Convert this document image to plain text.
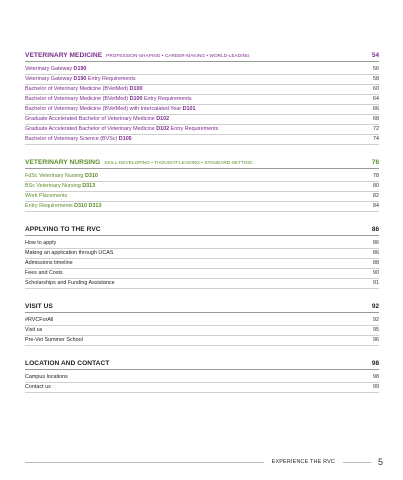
VETERINARY MEDICINE PROFESSION-SHAPING • CAREER-MAKING • WORLD-LEADING	54
Veterinary Gateway D190	56
Veterinary Gateway D190 Entry Requirements	58
Bachelor of Veterinary Medicine (BVetMed) D100	60
Bachelor of Veterinary Medicine (BVetMed) D100 Entry Requirements	64
Bachelor of Veterinary Medicine (BVetMed) with Intercalated Year D101	66
Graduate Accelerated Bachelor of Veterinary Medicine D102	68
Graduate Accelerated Bachelor of Veterinary Medicine D102 Entry Requirements	72
Bachelor of Veterinary Science (BVSc) D105	74
VETERINARY NURSING SKILL-DEVELOPING • THOUGHT-LEADING • STANDARD-SETTING	76
FdSc Veterinary Nursing D310	78
BSc Veterinary Nursing D313	80
Work Placements	82
Entry Requirements D310 D313	84
APPLYING TO THE RVC	86
How to apply	86
Making an application through UCAS	86
Admissions timeline	88
Fees and Costs	90
Scholarships and Funding Assistance	91
VISIT US	92
#RVCForAll	92
Visit us	95
Pre-Vet Summer School	96
LOCATION AND CONTACT	98
Campus locations	98
Contact us	99
EXPERIENCE THE RVC	5
